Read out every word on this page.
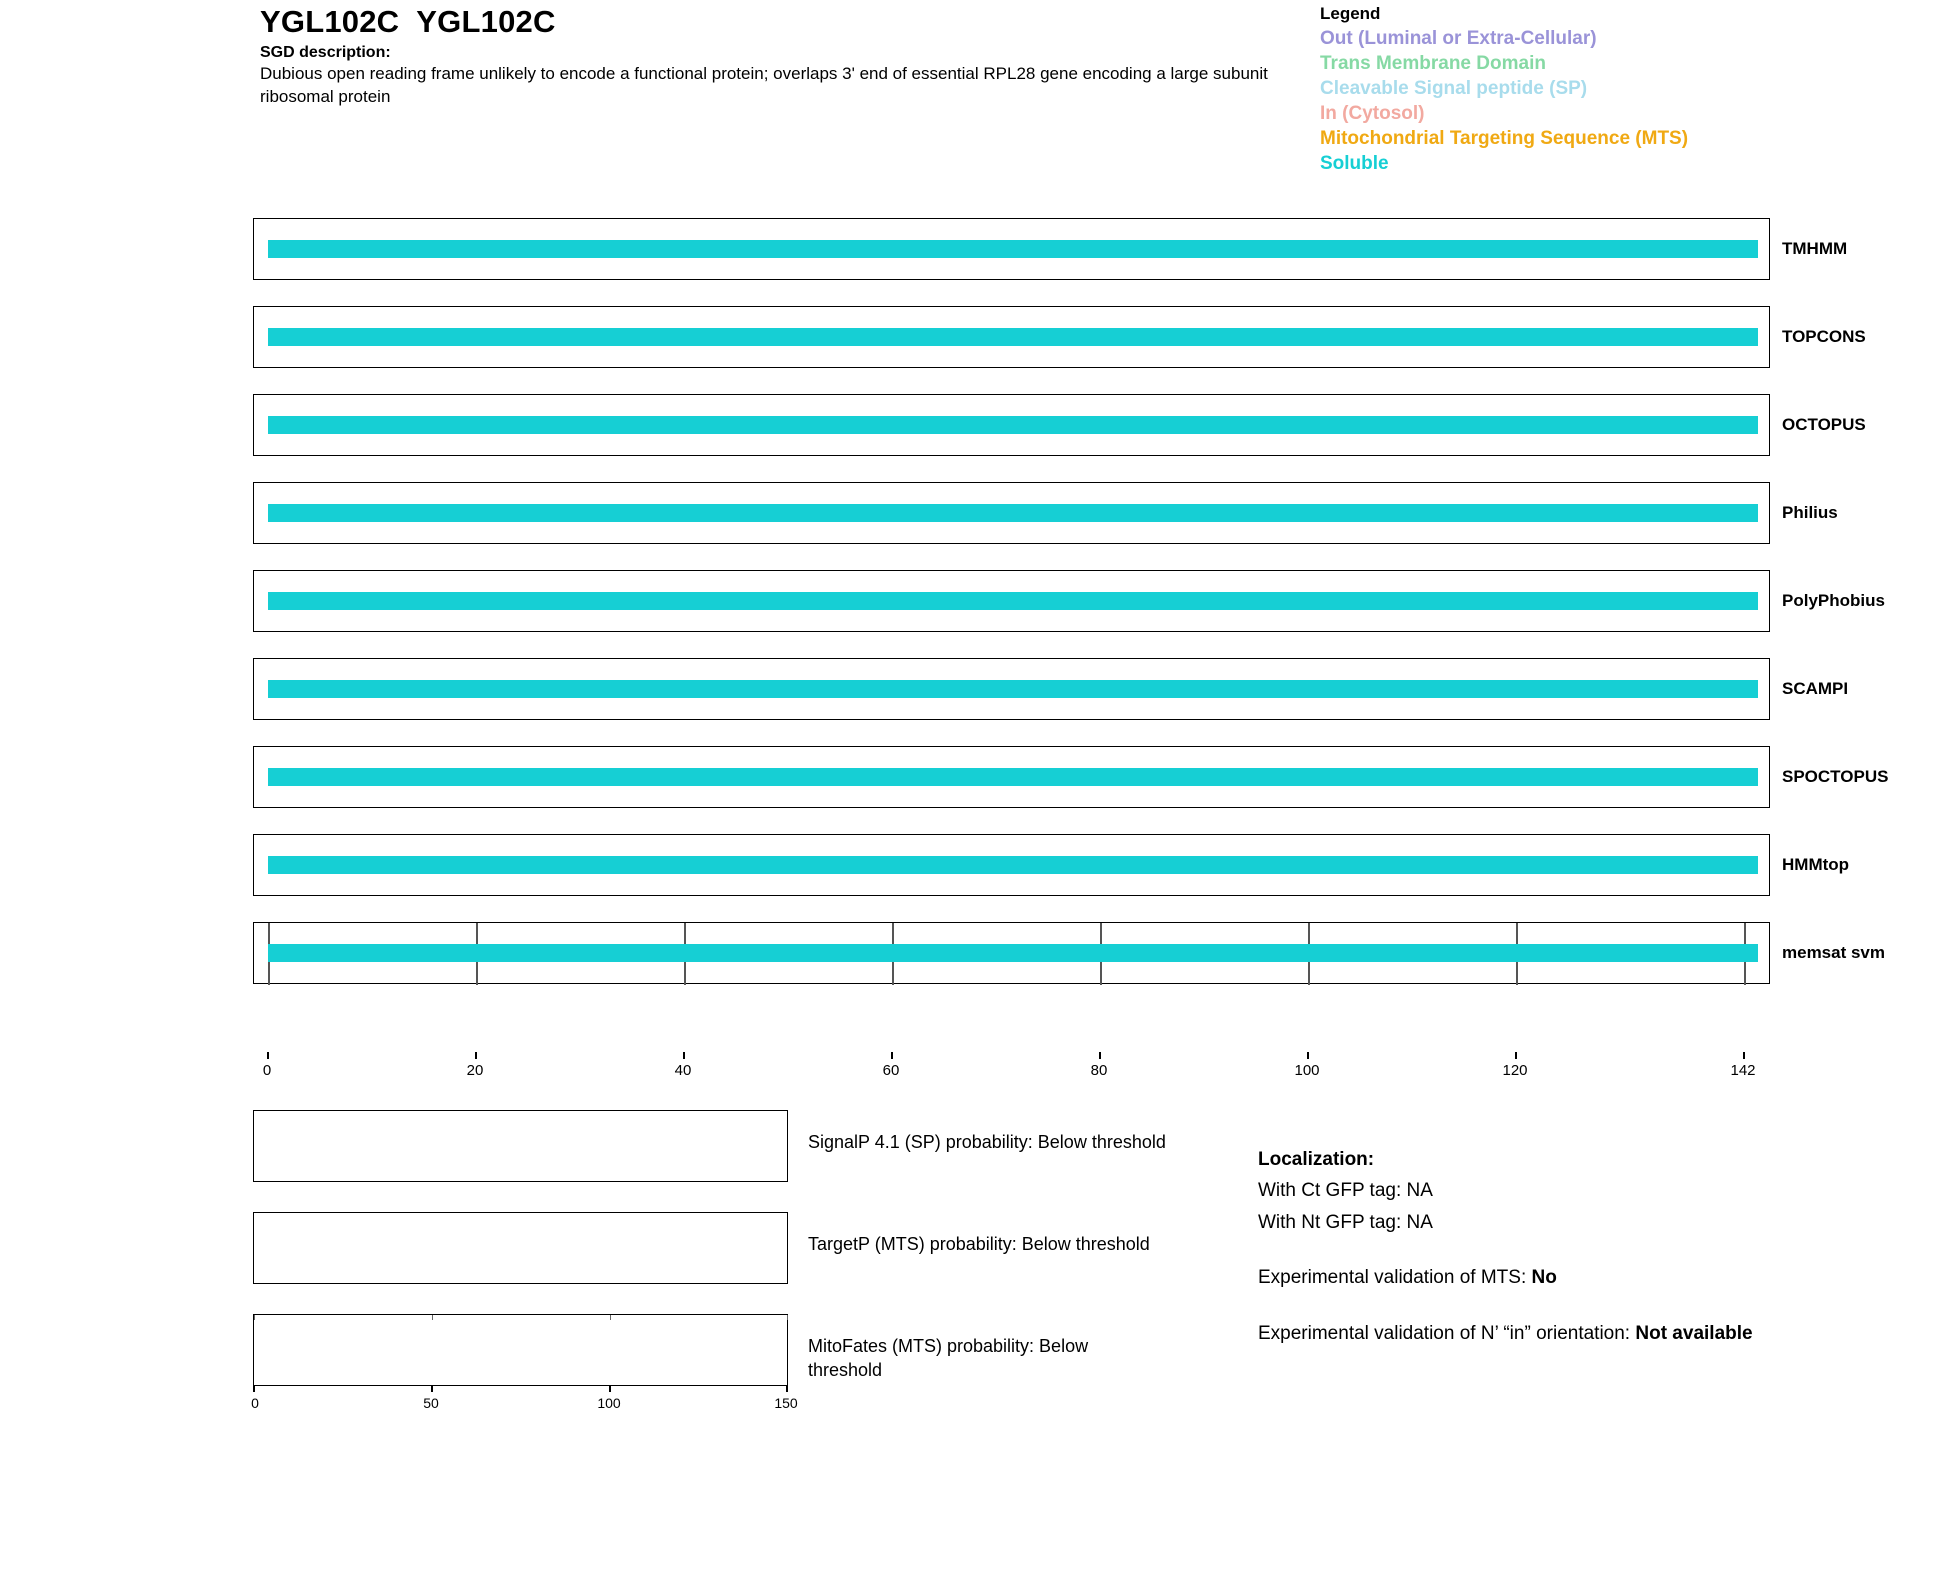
YGL102C  YGL102C
SGD description:

Dubious open reading frame unlikely to encode a functional protein; overlaps 3' end of essential RPL28 gene encoding a large subunit ribosomal protein

Legend
Out (Luminal or Extra-Cellular)
Trans Membrane Domain
Cleavable Signal peptide (SP)
In (Cytosol)
Mitochondrial Targeting Sequence (MTS)
Soluble
TMHMM
TOPCONS
OCTOPUS
Philius
PolyPhobius
SCAMPI
SPOCTOPUS
HMMtop
memsat svm
0	20	40	60	80	100	120	142
SignalP 4.1 (SP) probability: Below threshold
TargetP (MTS) probability: Below threshold
MitoFates (MTS) probability: Below threshold
0	50	100	150
Localization:
With Ct GFP tag: NA
With Nt GFP tag: NA
Experimental validation of MTS: No
Experimental validation of N’ “in” orientation: Not available
